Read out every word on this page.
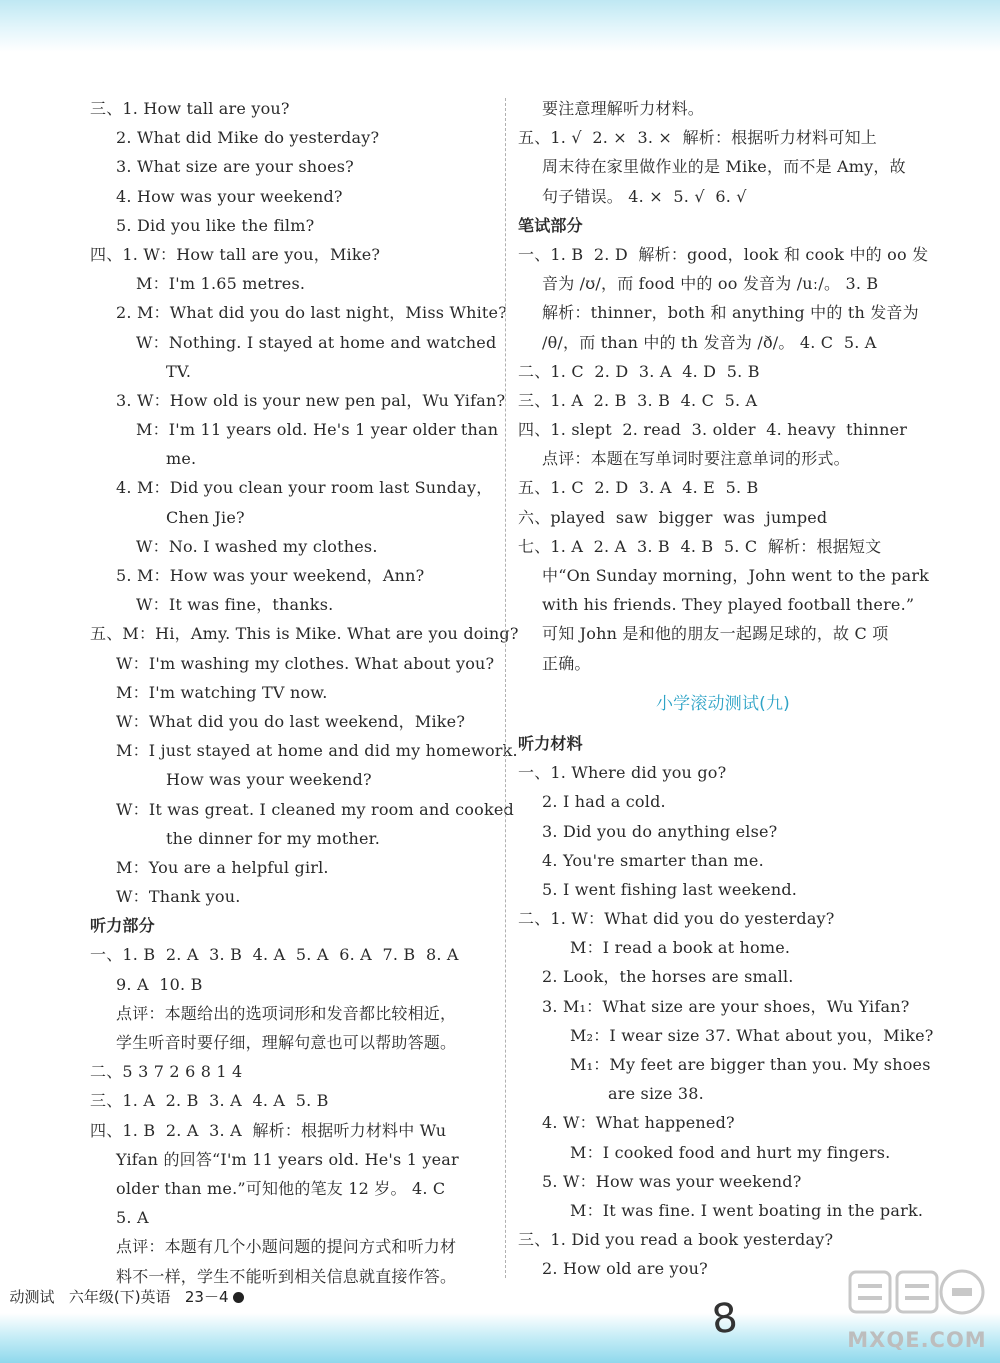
三、1. How tall are you?
2. What did Mike do yesterday?
3. What size are your shoes?
4. How was your weekend?
5. Did you like the film?
四、1. W：How tall are you，Mike?
M：I'm 1.65 metres.
2. M：What did you do last night，Miss White?
W：Nothing. I stayed at home and watched
TV.
3. W：How old is your new pen pal，Wu Yifan?
M：I'm 11 years old. He's 1 year older than
me.
4. M：Did you clean your room last Sunday，
Chen Jie?
W：No. I washed my clothes.
5. M：How was your weekend，Ann?
W：It was fine，thanks.
五、M：Hi，Amy. This is Mike. What are you doing?
W：I'm washing my clothes. What about you?
M：I'm watching TV now.
W：What did you do last weekend，Mike?
M：I just stayed at home and did my homework.
How was your weekend?
W：It was great. I cleaned my room and cooked
the dinner for my mother.
M：You are a helpful girl.
W：Thank you.
听力部分
一、1. B  2. A  3. B  4. A  5. A  6. A  7. B  8. A
9. A  10. B
点评：本题给出的选项词形和发音都比较相近，
学生听音时要仔细，理解句意也可以帮助答题。
二、5 3 7 2 6 8 1 4
三、1. A  2. B  3. A  4. A  5. B
四、1. B  2. A  3. A  解析：根据听力材料中 Wu
Yifan 的回答“I'm 11 years old. He's 1 year
older than me.”可知他的笔友 12 岁。 4. C
5. A
点评：本题有几个小题问题的提问方式和听力材
料不一样，学生不能听到相关信息就直接作答。
要注意理解听力材料。
五、1. √  2. ×  3. ×  解析：根据听力材料可知上
周末待在家里做作业的是 Mike，而不是 Amy，故
句子错误。 4. ×  5. √  6. √
笔试部分
一、1. B  2. D  解析：good，look 和 cook 中的 oo 发
音为 /ʊ/，而 food 中的 oo 发音为 /uː/。 3. B
解析：thinner，both 和 anything 中的 th 发音为
/θ/，而 than 中的 th 发音为 /ð/。 4. C  5. A
二、1. C  2. D  3. A  4. D  5. B
三、1. A  2. B  3. B  4. C  5. A
四、1. slept  2. read  3. older  4. heavy  thinner
点评：本题在写单词时要注意单词的形式。
五、1. C  2. D  3. A  4. E  5. B
六、played  saw  bigger  was  jumped
七、1. A  2. A  3. B  4. B  5. C  解析：根据短文
中“On Sunday morning，John went to the park
with his friends. They played football there.”
可知 John 是和他的朋友一起踢足球的，故 C 项
正确。
小学滚动测试(九)
听力材料
一、1. Where did you go?
2. I had a cold.
3. Did you do anything else?
4. You're smarter than me.
5. I went fishing last weekend.
二、1. W：What did you do yesterday?
M：I read a book at home.
2. Look，the horses are small.
3. M₁：What size are your shoes，Wu Yifan?
M₂：I wear size 37. What about you，Mike?
M₁：My feet are bigger than you. My shoes
are size 38.
4. W：What happened?
M：I cooked food and hurt my fingers.
5. W：How was your weekend?
M：It was fine. I went boating in the park.
三、1. Did you read a book yesterday?
2. How old are you?

动测试   六年级(下)英语   23－4	8	MXQE.COM
